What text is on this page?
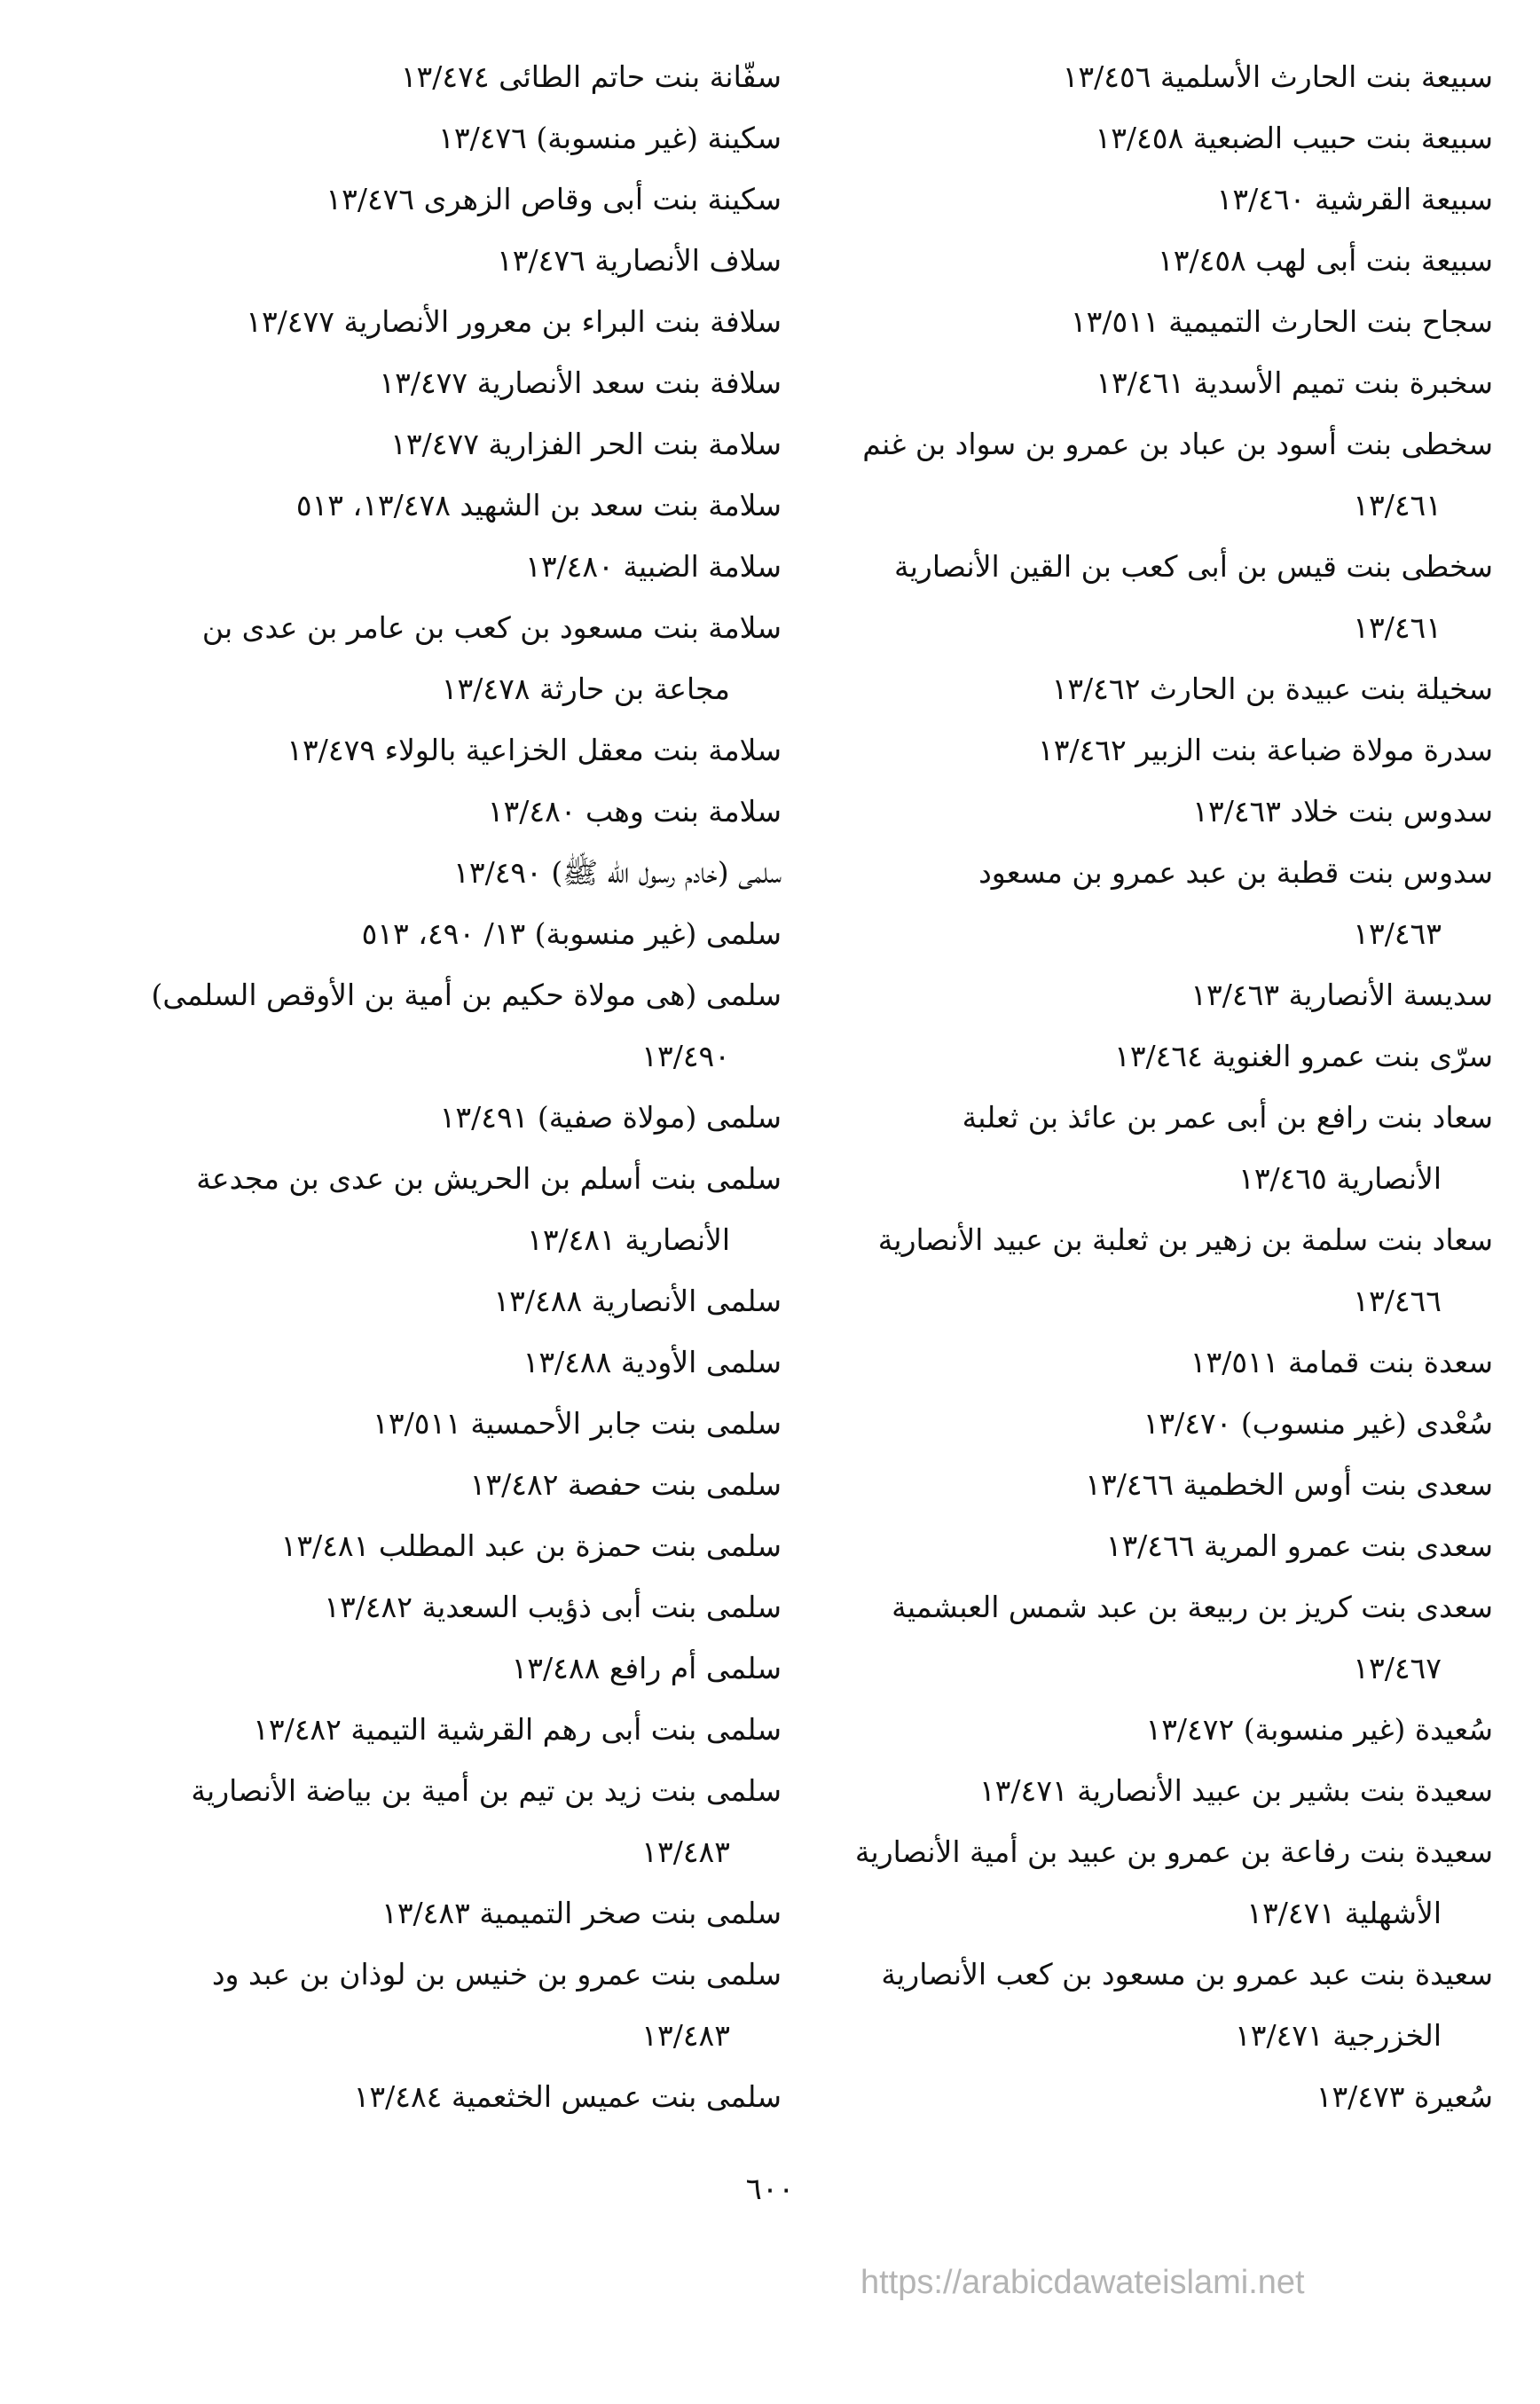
سبيعة بنت الحارث الأسلمية ١٣/٤٥٦
سبيعة بنت حبيب الضبعية ١٣/٤٥٨
سبيعة القرشية ١٣/٤٦٠
سبيعة بنت أبى لهب ١٣/٤٥٨
سجاح بنت الحارث التميمية ١٣/٥١١
سخبرة بنت تميم الأسدية ١٣/٤٦١
سخطى بنت أسود بن عباد بن عمرو بن سواد بن غنم
١٣/٤٦١
سخطى بنت قيس بن أبى كعب بن القين الأنصارية
١٣/٤٦١
سخيلة بنت عبيدة بن الحارث ١٣/٤٦٢
سدرة مولاة ضباعة بنت الزبير ١٣/٤٦٢
سدوس بنت خلاد ١٣/٤٦٣
سدوس بنت قطبة بن عبد عمرو بن مسعود
١٣/٤٦٣
سديسة الأنصارية ١٣/٤٦٣
سرّى بنت عمرو الغنوية ١٣/٤٦٤
سعاد بنت رافع بن أبى عمر بن عائذ بن ثعلبة
الأنصارية ١٣/٤٦٥
سعاد بنت سلمة بن زهير بن ثعلبة بن عبيد الأنصارية
١٣/٤٦٦
سعدة بنت قمامة ١٣/٥١١
سُعْدى (غير منسوب) ١٣/٤٧٠
سعدى بنت أوس الخطمية ١٣/٤٦٦
سعدى بنت عمرو المرية ١٣/٤٦٦
سعدى بنت كريز بن ربيعة بن عبد شمس العبشمية
١٣/٤٦٧
سُعيدة (غير منسوبة) ١٣/٤٧٢
سعيدة بنت بشير بن عبيد الأنصارية ١٣/٤٧١
سعيدة بنت رفاعة بن عمرو بن عبيد بن أمية الأنصارية
الأشهلية ١٣/٤٧١
سعيدة بنت عبد عمرو بن مسعود بن كعب الأنصارية
الخزرجية ١٣/٤٧١
سُعيرة ١٣/٤٧٣
سفّانة بنت حاتم الطائى ١٣/٤٧٤
سكينة (غير منسوبة) ١٣/٤٧٦
سكينة بنت أبى وقاص الزهرى ١٣/٤٧٦
سلاف الأنصارية ١٣/٤٧٦
سلافة بنت البراء بن معرور الأنصارية ١٣/٤٧٧
سلافة بنت سعد الأنصارية ١٣/٤٧٧
سلامة بنت الحر الفزارية ١٣/٤٧٧
سلامة بنت سعد بن الشهيد ١٣/٤٧٨، ٥١٣
سلامة الضبية ١٣/٤٨٠
سلامة بنت مسعود بن كعب بن عامر بن عدى بن
مجاعة بن حارثة ١٣/٤٧٨
سلامة بنت معقل الخزاعية بالولاء ١٣/٤٧٩
سلامة بنت وهب ١٣/٤٨٠
سلمى (خادم رسول الله ﷺ) ١٣/٤٩٠
سلمى (غير منسوبة) ١٣/ ٤٩٠، ٥١٣
سلمى (هى مولاة حكيم بن أمية بن الأوقص السلمى)
١٣/٤٩٠
سلمى (مولاة صفية) ١٣/٤٩١
سلمى بنت أسلم بن الحريش بن عدى بن مجدعة
الأنصارية ١٣/٤٨١
سلمى الأنصارية ١٣/٤٨٨
سلمى الأودية ١٣/٤٨٨
سلمى بنت جابر الأحمسية ١٣/٥١١
سلمى بنت حفصة ١٣/٤٨٢
سلمى بنت حمزة بن عبد المطلب ١٣/٤٨١
سلمى بنت أبى ذؤيب السعدية ١٣/٤٨٢
سلمى أم رافع ١٣/٤٨٨
سلمى بنت أبى رهم القرشية التيمية ١٣/٤٨٢
سلمى بنت زيد بن تيم بن أمية بن بياضة الأنصارية
١٣/٤٨٣
سلمى بنت صخر التميمية ١٣/٤٨٣
سلمى بنت عمرو بن خنيس بن لوذان بن عبد ود
١٣/٤٨٣
سلمى بنت عميس الخثعمية ١٣/٤٨٤
٦٠٠
https://arabicdawateislami.net
